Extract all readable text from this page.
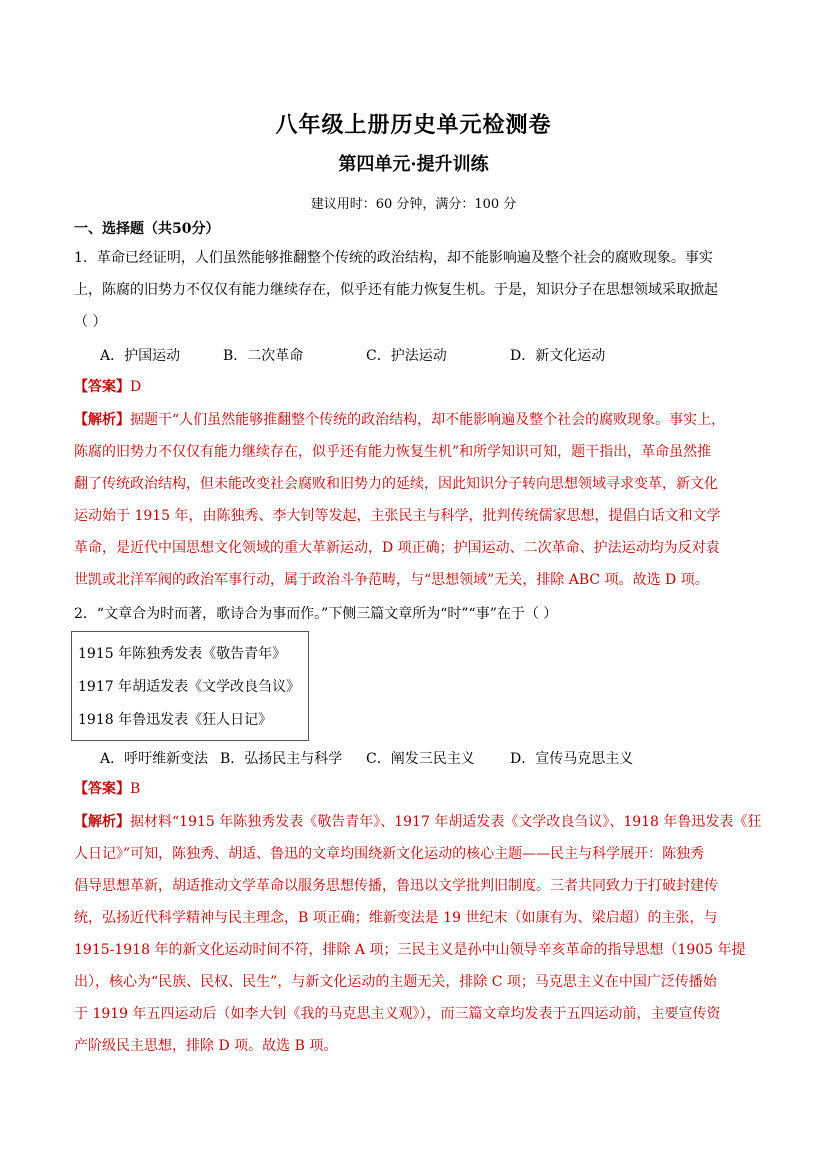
八年级上册历史单元检测卷
第四单元·提升训练
建议用时：60 分钟，满分：100 分
一、选择题（共50分）
1．革命已经证明，人们虽然能够推翻整个传统的政治结构，却不能影响遍及整个社会的腐败现象。事实
上，陈腐的旧势力不仅仅有能力继续存在，似乎还有能力恢复生机。于是，知识分子在思想领域采取掀起
（ ）
A．护国运动	B．二次革命	C．护法运动	D．新文化运动
【答案】D
【解析】据题干“人们虽然能够推翻整个传统的政治结构，却不能影响遍及整个社会的腐败现象。事实上，
陈腐的旧势力不仅仅有能力继续存在，似乎还有能力恢复生机”和所学知识可知，题干指出，革命虽然推
翻了传统政治结构，但未能改变社会腐败和旧势力的延续，因此知识分子转向思想领域寻求变革，新文化
运动始于 1915 年，由陈独秀、李大钊等发起，主张民主与科学，批判传统儒家思想，提倡白话文和文学
革命，是近代中国思想文化领域的重大革新运动，D 项正确；护国运动、二次革命、护法运动均为反对袁
世凯或北洋军阀的政治军事行动，属于政治斗争范畴，与“思想领域”无关，排除 ABC 项。故选 D 项。
2．“文章合为时而著，歌诗合为事而作。”下侧三篇文章所为“时”“事”在于（ ）
1915 年陈独秀发表《敬告青年》
1917 年胡适发表《文学改良刍议》
1918 年鲁迅发表《狂人日记》
A．呼吁维新变法 B．弘扬民主与科学 C．阐发三民主义	D．宣传马克思主义
【答案】B
【解析】据材料“1915 年陈独秀发表《敬告青年》、1917 年胡适发表《文学改良刍议》、1918 年鲁迅发表《狂
人日记》”可知，陈独秀、胡适、鲁迅的文章均围绕新文化运动的核心主题——民主与科学展开：陈独秀
倡导思想革新，胡适推动文学革命以服务思想传播，鲁迅以文学批判旧制度。三者共同致力于打破封建传
统，弘扬近代科学精神与民主理念，B 项正确；维新变法是 19 世纪末（如康有为、梁启超）的主张，与
1915-1918 年的新文化运动时间不符，排除 A 项；三民主义是孙中山领导辛亥革命的指导思想（1905 年提
出），核心为“民族、民权、民生”，与新文化运动的主题无关，排除 C 项；马克思主义在中国广泛传播始
于 1919 年五四运动后（如李大钊《我的马克思主义观》），而三篇文章均发表于五四运动前，主要宣传资
产阶级民主思想，排除 D 项。故选 B 项。
